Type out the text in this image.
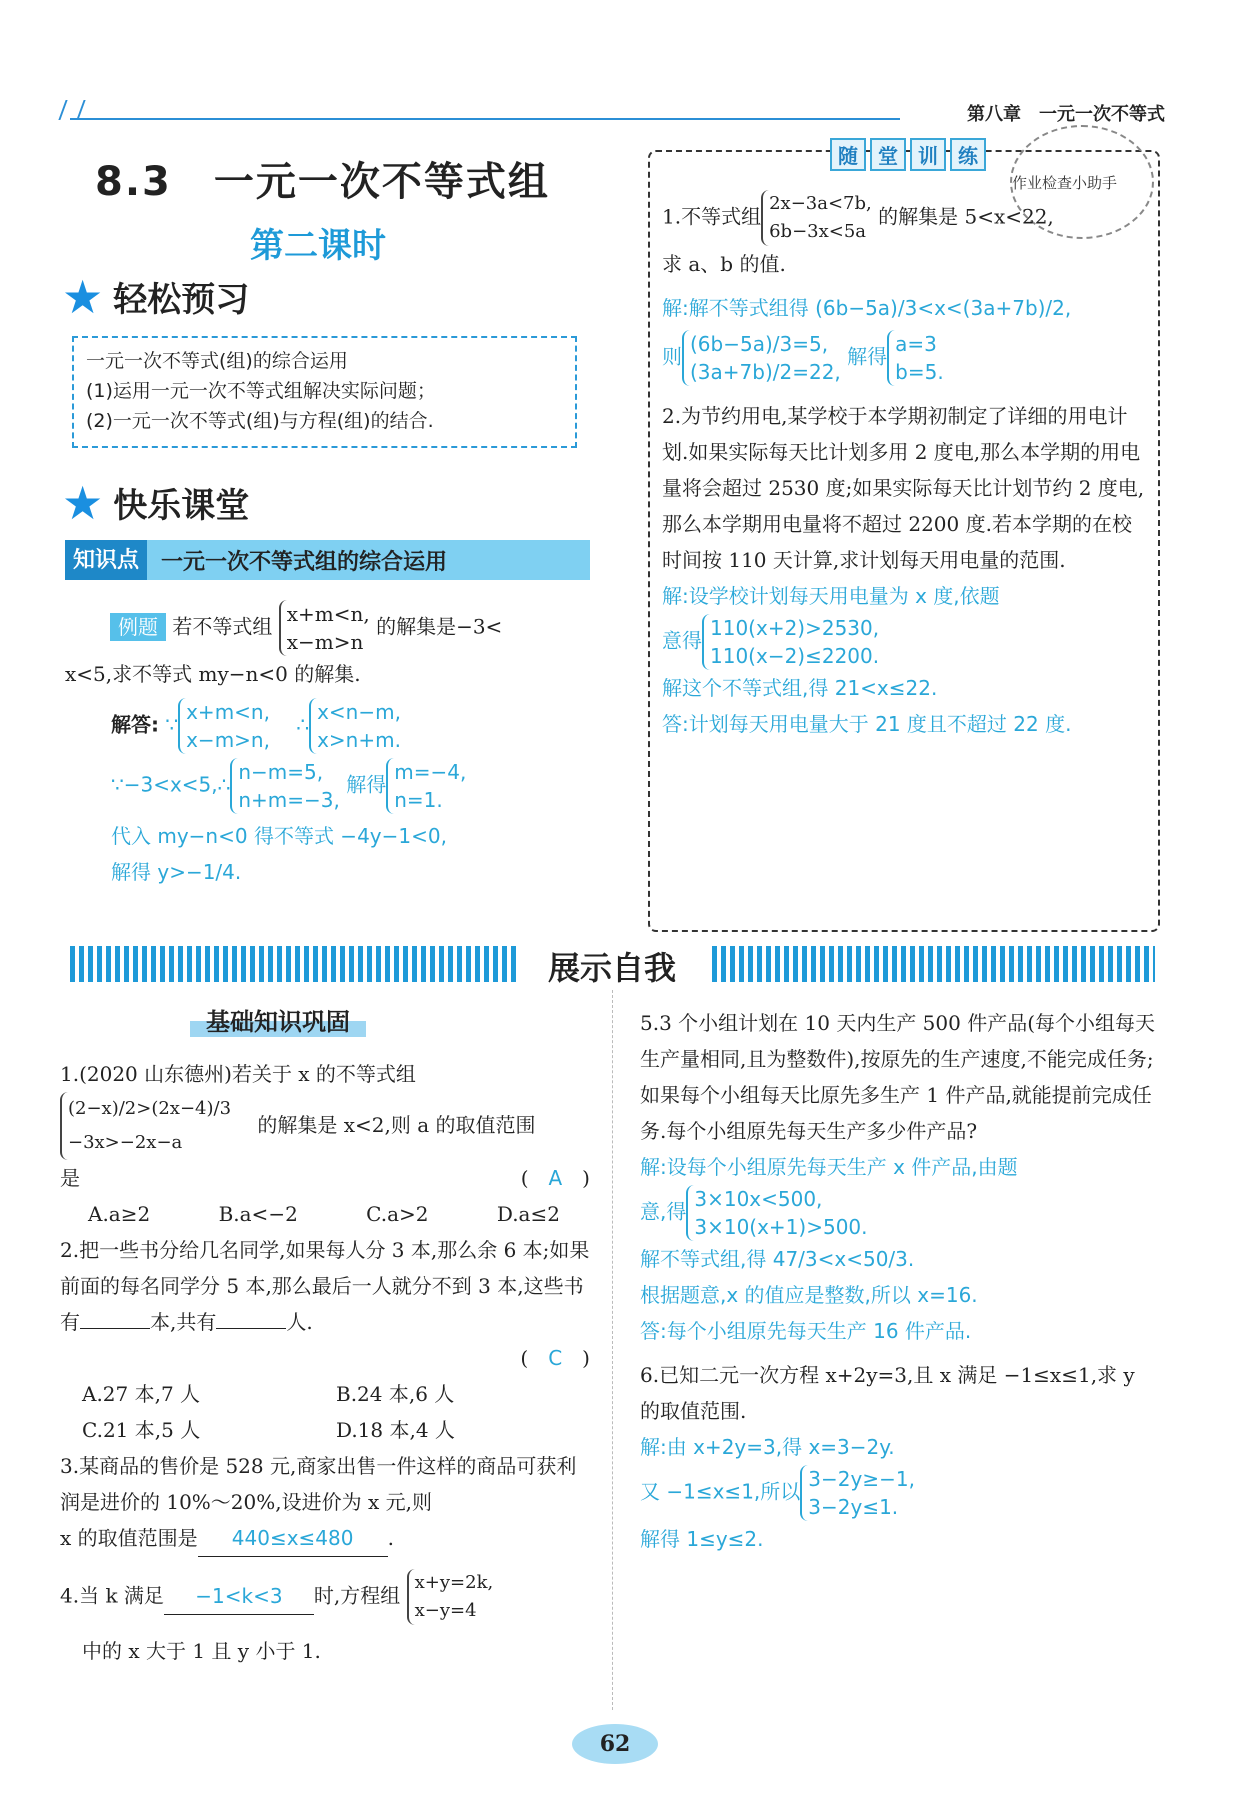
第八章　一元一次不等式
8.3　一元一次不等式组
第二课时
★ 轻松预习
一元一次不等式(组)的综合运用
(1)运用一元一次不等式组解决实际问题；
(2)一元一次不等式(组)与方程(组)的结合.
★ 快乐课堂
知识点	一元一次不等式组的综合运用

例题 若不等式组 x+m<n,
x−m>n 的解集是−3<

x<5,求不等式 my−n<0 的解集.

解答: ∵x+m<n,
x−m>n, 　∴x<n−m,
x>n+m.

∵−3<x<5,∴n−m=5,
n+m=−3, 解得m=−4,
n=1.

代入 my−n<0 得不等式 −4y−1<0,

解得 y>−1/4.

随	堂	训	练
作业检查小助手

1.不等式组2x−3a<7b,
6b−3x<5a 的解集是 5<x<22,

求 a、b 的值.

解:解不等式组得 (6b−5a)/3<x<(3a+7b)/2,

则(6b−5a)/3=5,
(3a+7b)/2=22, 解得a=3
b=5.

2.为节约用电,某学校于本学期初制定了详细的用电计划.如果实际每天比计划多用 2 度电,那么本学期的用电量将会超过 2530 度;如果实际每天比计划节约 2 度电,那么本学期用电量将不超过 2200 度.若本学期的在校时间按 110 天计算,求计划每天用电量的范围.

解:设学校计划每天用电量为 x 度,依题

意得110(x+2)>2530,
110(x−2)≤2200.

解这个不等式组,得 21<x≤22.

答:计划每天用电量大于 21 度且不超过 22 度.

展示自我
基础知识巩固

1.(2020 山东德州)若关于 x 的不等式组

(2−x)/2>(2x−4)/3
−3x>−2x−a 的解集是 x<2,则 a 的取值范围

是	(　A　)

A.a≥2	B.a<−2	C.a>2	D.a≤2

2.把一些书分给几名同学,如果每人分 3 本,那么余 6 本;如果前面的每名同学分 5 本,那么最后一人就分不到 3 本,这些书有	本,共有	人.

(　C　)

A.27 本,7 人	B.24 本,6 人
C.21 本,5 人	D.18 本,4 人

3.某商品的售价是 528 元,商家出售一件这样的商品可获利润是进价的 10%～20%,设进价为 x 元,则

x 的取值范围是 440≤x≤480 .

4.当 k 满足 −1<k<3 时,方程组 x+y=2k,
x−y=4

中的 x 大于 1 且 y 小于 1.

5.3 个小组计划在 10 天内生产 500 件产品(每个小组每天生产量相同,且为整数件),按原先的生产速度,不能完成任务;如果每个小组每天比原先多生产 1 件产品,就能提前完成任务.每个小组原先每天生产多少件产品?

解:设每个小组原先每天生产 x 件产品,由题

意,得3×10x<500,
3×10(x+1)>500.

解不等式组,得 47/3<x<50/3.

根据题意,x 的值应是整数,所以 x=16.

答:每个小组原先每天生产 16 件产品.

6.已知二元一次方程 x+2y=3,且 x 满足 −1≤x≤1,求 y 的取值范围.

解:由 x+2y=3,得 x=3−2y.

又 −1≤x≤1,所以3−2y≥−1,
3−2y≤1.

解得 1≤y≤2.

62
